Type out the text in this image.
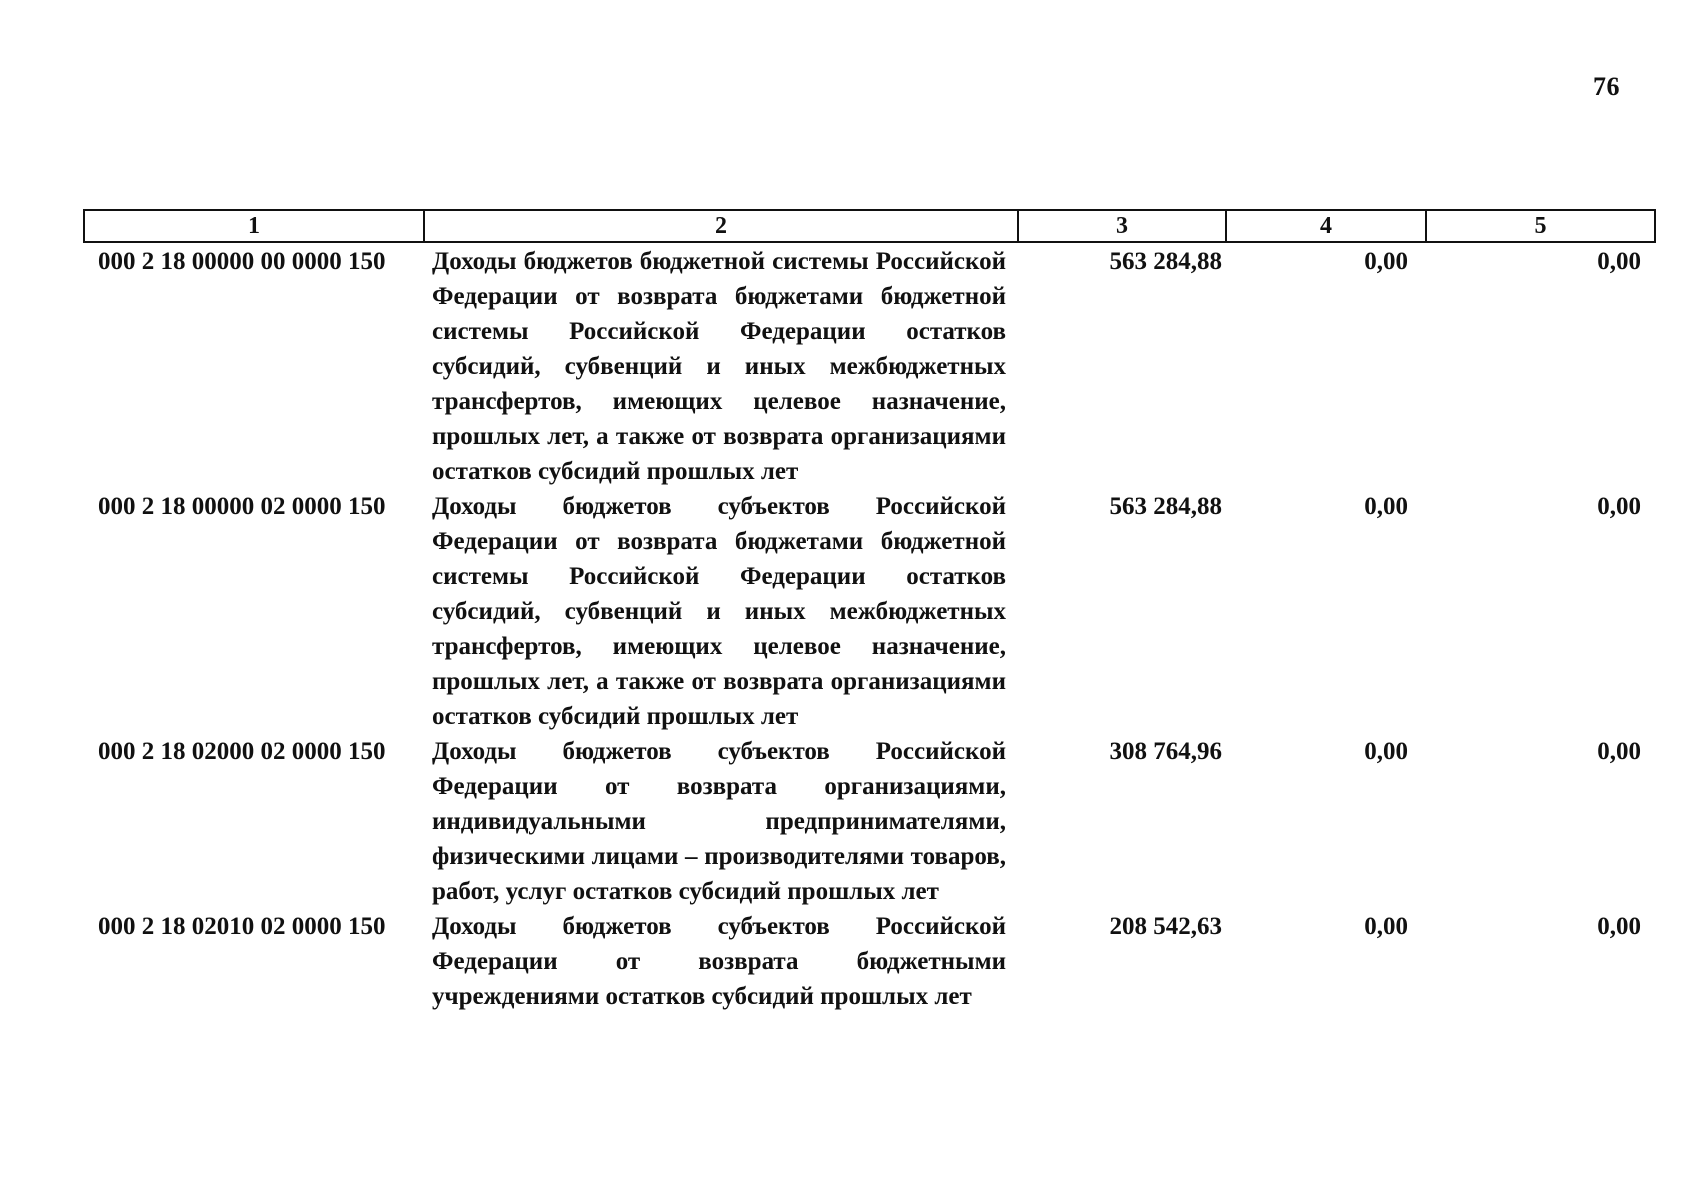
76
1	2	3	4	5
000 2 18 00000 00 0000 150	Доходы бюджетов бюджетной системы Российской Федерации от возврата бюджетами бюджетной системы Российской Федерации остатков субсидий, субвенций и иных межбюджетных трансфертов, имеющих целевое назначение, прошлых лет, а также от возврата организациями остатков субсидий прошлых лет	563 284,88	0,00	0,00
000 2 18 00000 02 0000 150	Доходы бюджетов субъектов Российской Федерации от возврата бюджетами бюджетной системы Российской Федерации остатков субсидий, субвенций и иных межбюджетных трансфертов, имеющих целевое назначение, прошлых лет, а также от возврата организациями остатков субсидий прошлых лет	563 284,88	0,00	0,00
000 2 18 02000 02 0000 150	Доходы бюджетов субъектов Российской Федерации от возврата организациями, индивидуальными предпринимателями, физическими лицами – производителями товаров, работ, услуг остатков субсидий прошлых лет	308 764,96	0,00	0,00
000 2 18 02010 02 0000 150	Доходы бюджетов субъектов Российской Федерации от возврата бюджетными учреждениями остатков субсидий прошлых лет	208 542,63	0,00	0,00
